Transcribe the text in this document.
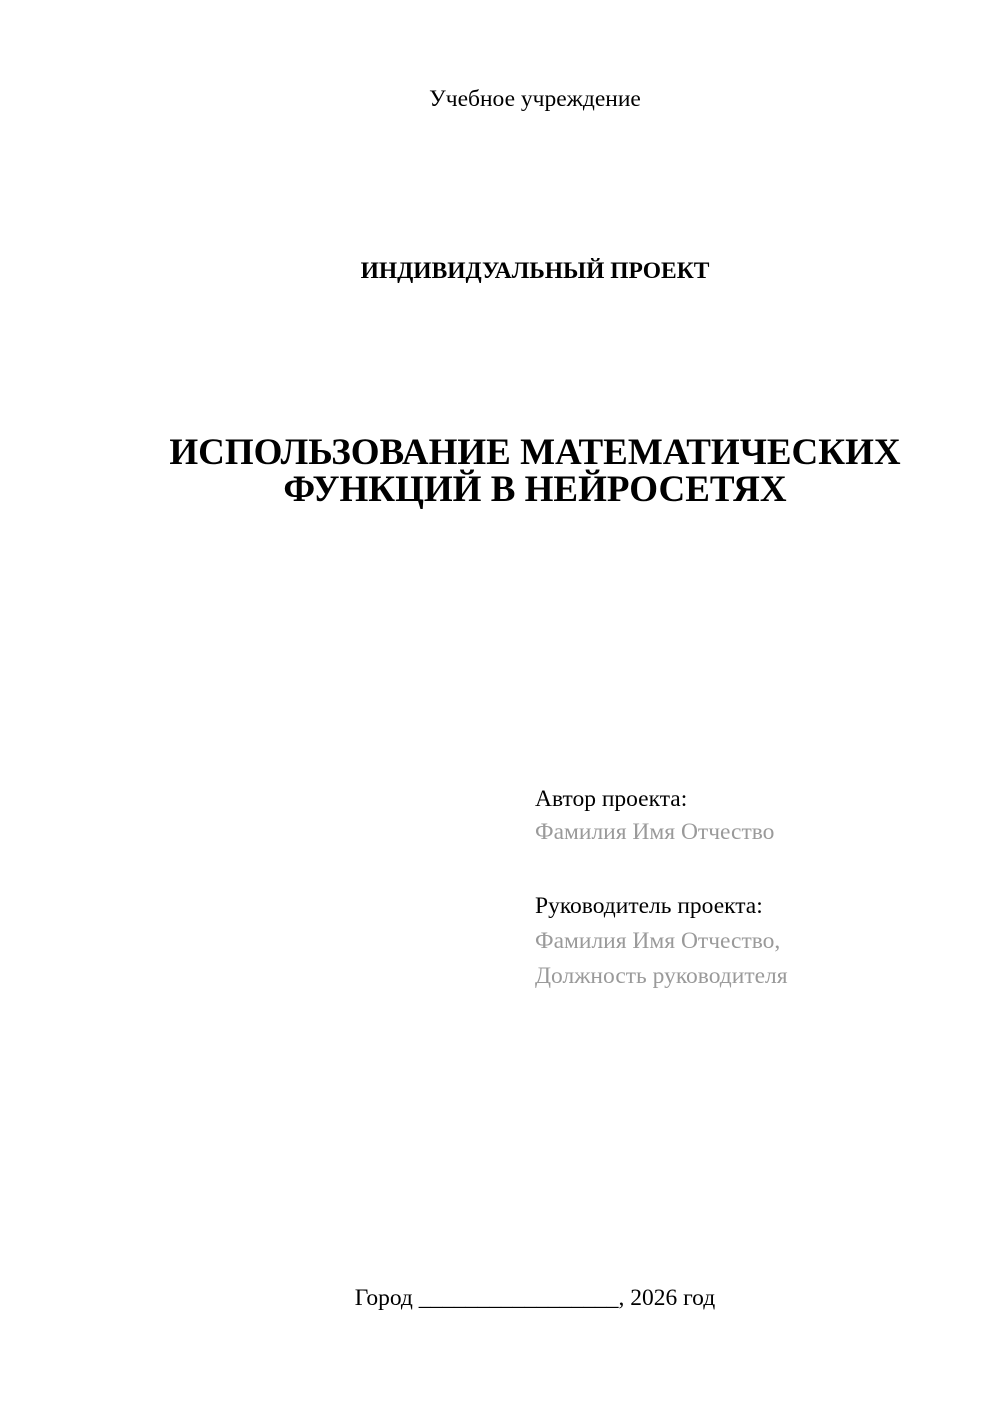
Учебное учреждение
ИНДИВИДУАЛЬНЫЙ ПРОЕКТ
ИСПОЛЬЗОВАНИЕ МАТЕМАТИЧЕСКИХ ФУНКЦИЙ В НЕЙРОСЕТЯХ
Автор проекта:
Фамилия Имя Отчество
Руководитель проекта:
Фамилия Имя Отчество,
Должность руководителя
Город _________________, 2026 год
